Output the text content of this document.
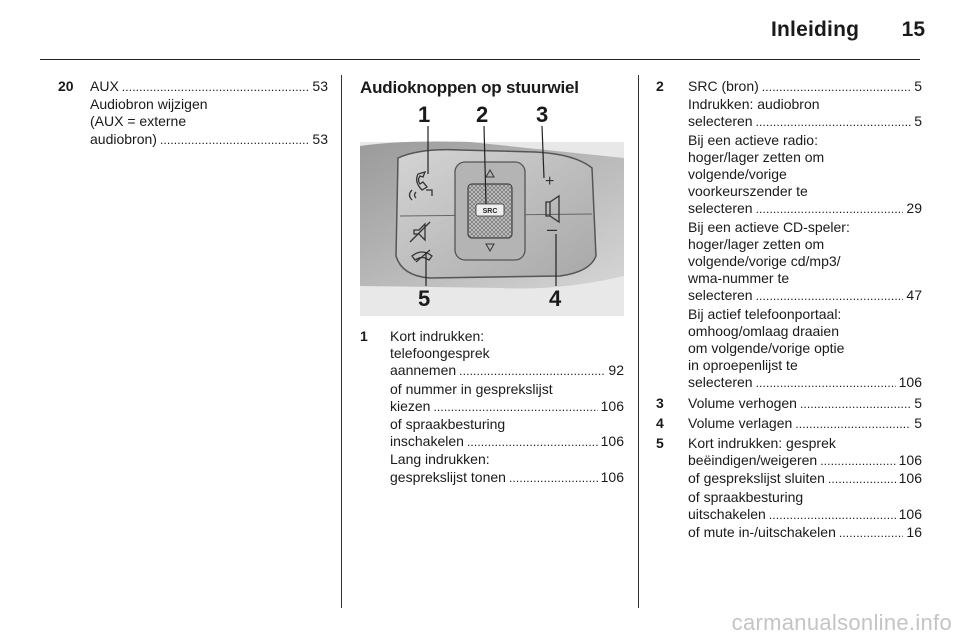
Inleiding	15
20	AUX . . .	53
Audiobron wijzigen
(AUX = externe
audiobron) . . .	53
Audioknoppen op stuurwiel
SRC
+
–
1 2 3
4
5
1	Kort indrukken:
telefoongesprek
aannemen . . .	92
of nummer in gesprekslijst
kiezen . . .	106
of spraakbesturing
inschakelen . . .	106
Lang indrukken:
gesprekslijst tonen . . .	106
2	SRC (bron) . . .	5
Indrukken: audiobron
selecteren . . .	5
Bij een actieve radio:
hoger/lager zetten om
volgende/vorige
voorkeurszender te
selecteren . . .	29
Bij een actieve CD-speler:
hoger/lager zetten om
volgende/vorige cd/mp3/
wma-nummer te
selecteren . . .	47
Bij actief telefoonportaal:
omhoog/omlaag draaien
om volgende/vorige optie
in oproepenlijst te
selecteren . . .	106
3	Volume verhogen . . .	5
4	Volume verlagen . . .	5
5	Kort indrukken: gesprek
beëindigen/weigeren . . .	106
of gesprekslijst sluiten . . .	106
of spraakbesturing
uitschakelen . . .	106
of mute in-/uitschakelen . . .	16
carmanualsonline.info
